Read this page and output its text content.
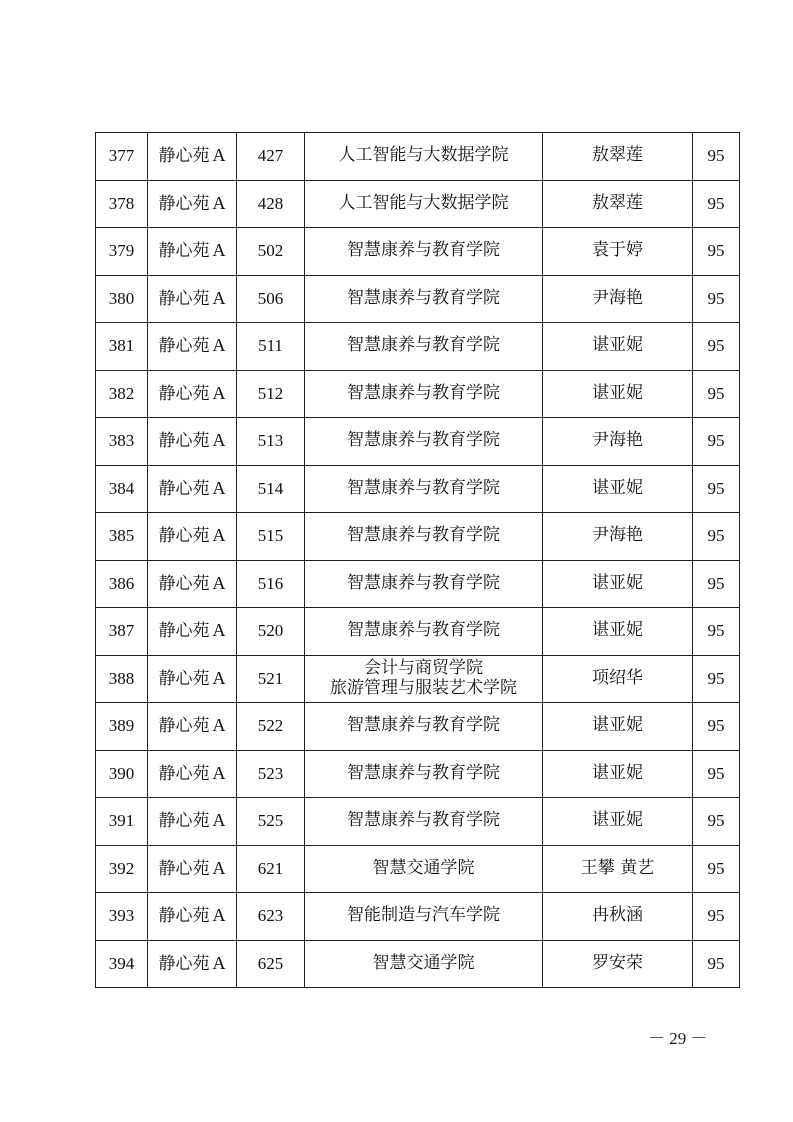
377	静心苑 A	427	人工智能与大数据学院	敖翠莲	95
378	静心苑 A	428	人工智能与大数据学院	敖翠莲	95
379	静心苑 A	502	智慧康养与教育学院	袁于婷	95
380	静心苑 A	506	智慧康养与教育学院	尹海艳	95
381	静心苑 A	511	智慧康养与教育学院	谌亚妮	95
382	静心苑 A	512	智慧康养与教育学院	谌亚妮	95
383	静心苑 A	513	智慧康养与教育学院	尹海艳	95
384	静心苑 A	514	智慧康养与教育学院	谌亚妮	95
385	静心苑 A	515	智慧康养与教育学院	尹海艳	95
386	静心苑 A	516	智慧康养与教育学院	谌亚妮	95
387	静心苑 A	520	智慧康养与教育学院	谌亚妮	95
388	静心苑 A	521	会计与商贸学院
旅游管理与服装艺术学院	项绍华	95
389	静心苑 A	522	智慧康养与教育学院	谌亚妮	95
390	静心苑 A	523	智慧康养与教育学院	谌亚妮	95
391	静心苑 A	525	智慧康养与教育学院	谌亚妮	95
392	静心苑 A	621	智慧交通学院	王攀 黄艺	95
393	静心苑 A	623	智能制造与汽车学院	冉秋涵	95
394	静心苑 A	625	智慧交通学院	罗安荣	95
－ 29 －
